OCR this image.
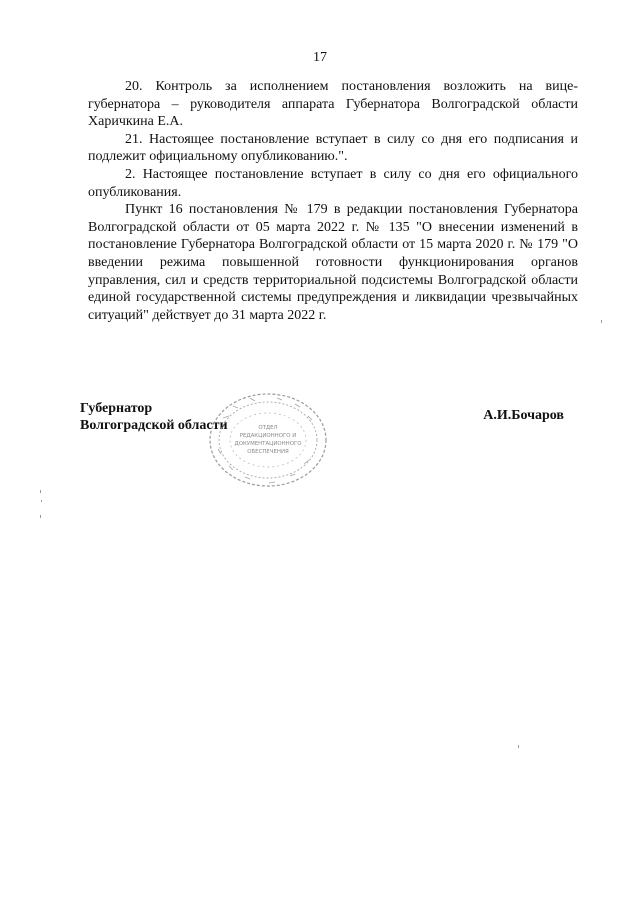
17

20. Контроль за исполнением постановления возложить на вице-губернатора – руководителя аппарата Губернатора Волгоградской области Харичкина Е.А.

21. Настоящее постановление вступает в силу со дня его подписания и подлежит официальному опубликованию.".

2. Настоящее постановление вступает в силу со дня его официального опубликования.

Пункт 16 постановления № 179 в редакции постановления Губернатора Волгоградской области от 05 марта 2022 г. № 135 "О внесении изменений в постановление Губернатора Волгоградской области от 15 марта 2020 г. № 179 "О введении режима повышенной готовности функционирования органов управления, сил и средств территориальной подсистемы Волгоградской области единой государственной системы предупреждения и ликвидации чрезвычайных ситуаций" действует до 31 марта 2022 г.

Губернатор
Волгоградской области
А.И.Бочаров
ОТДЕЛ
РЕДАКЦИОННОГО И
ДОКУМЕНТАЦИОННОГО
ОБЕСПЕЧЕНИЯ
